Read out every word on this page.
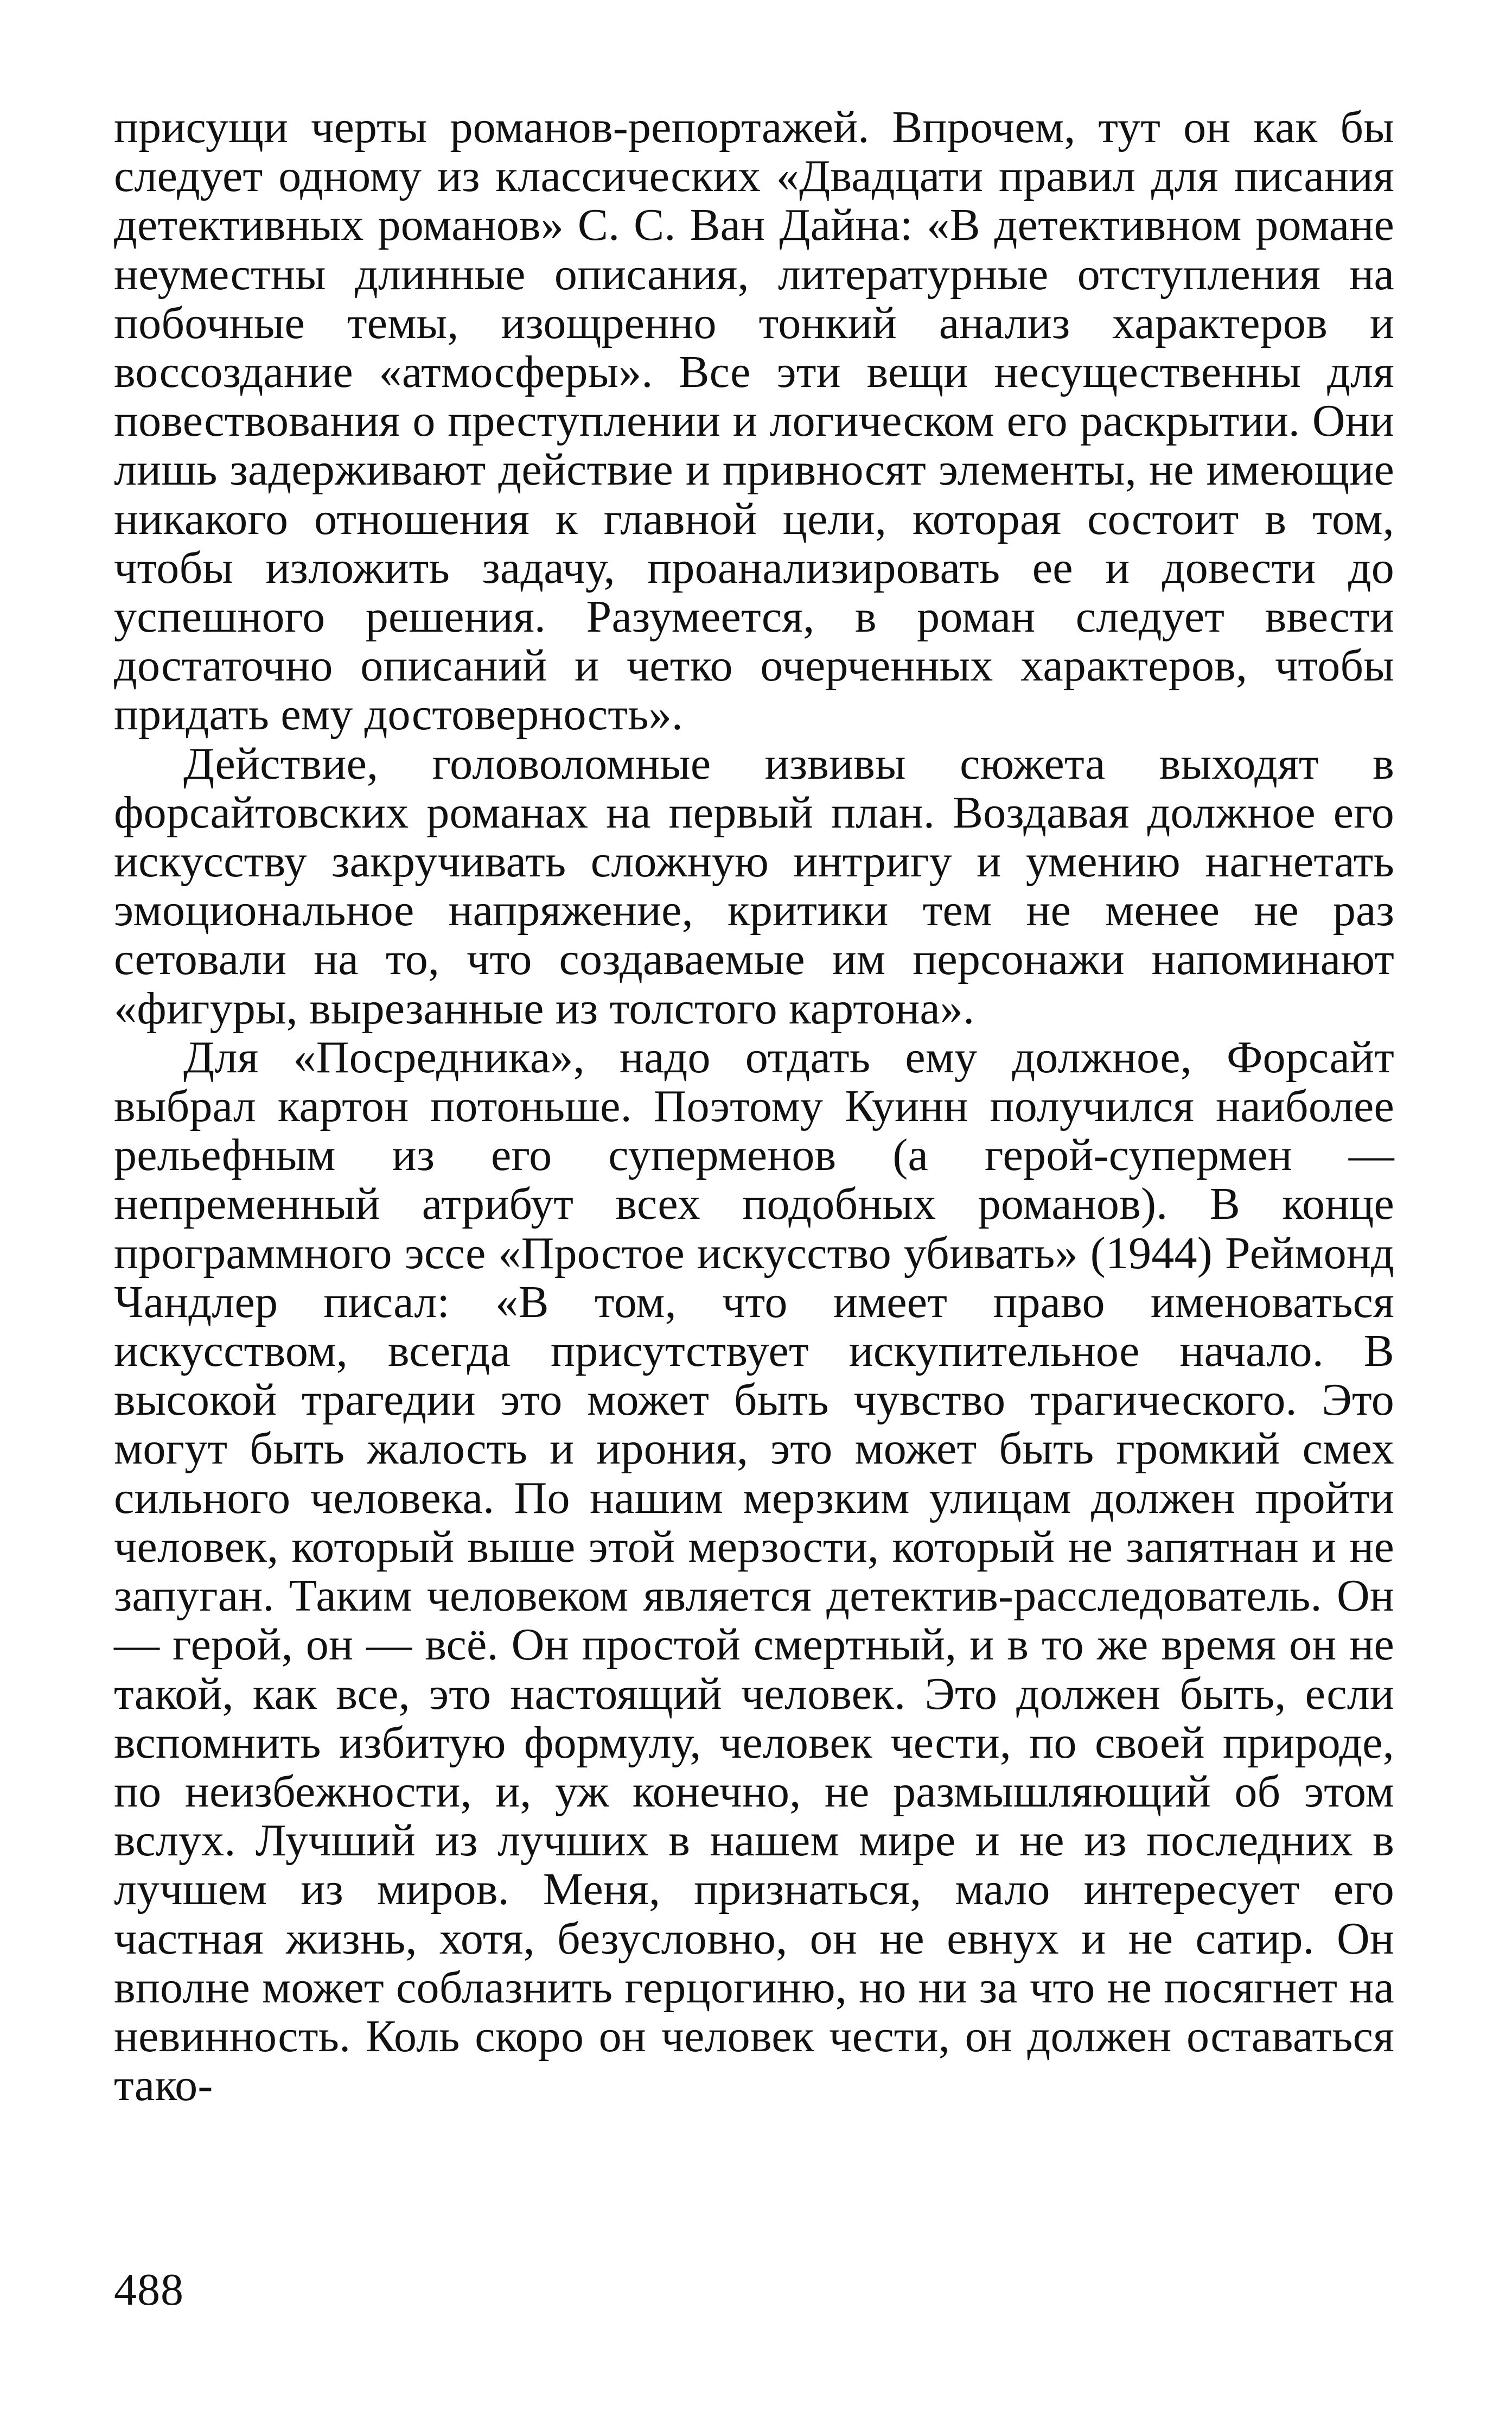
присущи черты романов-репортажей. Впрочем, тут он как бы следует одному из классических «Двадцати правил для писания детективных романов» С. С. Ван Дайна: «В детективном романе неуместны длинные описания, литературные отступления на побочные темы, изощренно тонкий анализ характеров и воссоздание «атмосферы». Все эти вещи несущественны для повествования о преступлении и логическом его раскрытии. Они лишь задерживают действие и привносят элементы, не имеющие никакого отношения к главной цели, которая состоит в том, чтобы изложить задачу, проанализировать ее и довести до успешного решения. Разумеется, в роман следует ввести достаточно описаний и четко очерченных характеров, чтобы придать ему достоверность».

Действие, головоломные извивы сюжета выходят в форсайтовских романах на первый план. Воздавая должное его искусству закручивать сложную интригу и умению нагнетать эмоциональное напряжение, критики тем не менее не раз сетовали на то, что создаваемые им персонажи напоминают «фигуры, вырезанные из толстого картона».

Для «Посредника», надо отдать ему должное, Форсайт выбрал картон потоньше. Поэтому Куинн получился наиболее рельефным из его суперменов (а герой-супермен — непременный атрибут всех подобных романов). В конце программного эссе «Простое искусство убивать» (1944) Реймонд Чандлер писал: «В том, что имеет право именоваться искусством, всегда присутствует искупительное начало. В высокой трагедии это может быть чувство трагического. Это могут быть жалость и ирония, это может быть громкий смех сильного человека. По нашим мерзким улицам должен пройти человек, который выше этой мерзости, который не запятнан и не запуган. Таким человеком является детектив-расследователь. Он — герой, он — всё. Он простой смертный, и в то же время он не такой, как все, это настоящий человек. Это должен быть, если вспомнить избитую формулу, человек чести, по своей природе, по неизбежности, и, уж конечно, не размышляющий об этом вслух. Лучший из лучших в нашем мире и не из последних в лучшем из миров. Меня, признаться, мало интересует его частная жизнь, хотя, безусловно, он не евнух и не сатир. Он вполне может соблазнить герцогиню, но ни за что не посягнет на невинность. Коль скоро он человек чести, он должен оставаться тако-

488
